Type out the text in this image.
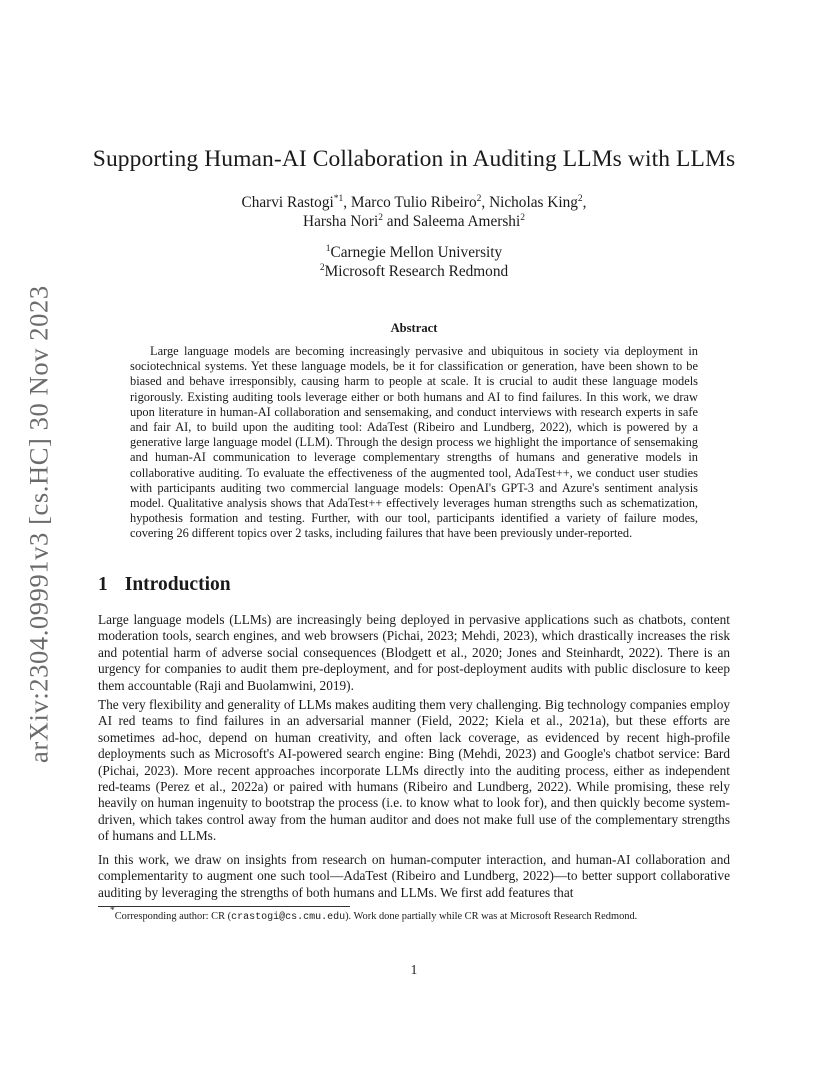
arXiv:2304.09991v3 [cs.HC] 30 Nov 2023
Supporting Human-AI Collaboration in Auditing LLMs with LLMs
Charvi Rastogi$^{*1}$, Marco Tulio Ribeiro$^2$, Nicholas King$^2$,
Harsha Nori$^2$ and Saleema Amershi$^2$
$^1$Carnegie Mellon University
$^2$Microsoft Research Redmond
Abstract

Large language models are becoming increasingly pervasive and ubiquitous in society via deployment in sociotechnical systems. Yet these language models, be it for classification or generation, have been shown to be biased and behave irresponsibly, causing harm to people at scale. It is crucial to audit these language models rigorously. Existing auditing tools leverage either or both humans and AI to find failures. In this work, we draw upon literature in human-AI collaboration and sensemaking, and conduct interviews with research experts in safe and fair AI, to build upon the auditing tool: AdaTest (Ribeiro and Lundberg, 2022), which is powered by a generative large language model (LLM). Through the design process we highlight the importance of sensemaking and human-AI communication to leverage complementary strengths of humans and generative models in collaborative auditing. To evaluate the effectiveness of the augmented tool, AdaTest++, we conduct user studies with participants auditing two commercial language models: OpenAI's GPT-3 and Azure's sentiment analysis model. Qualitative analysis shows that AdaTest++ effectively leverages human strengths such as schematization, hypothesis formation and testing. Further, with our tool, participants identified a variety of failure modes, covering 26 different topics over 2 tasks, including failures that have been previously under-reported.

1 Introduction

Large language models (LLMs) are increasingly being deployed in pervasive applications such as chatbots, content moderation tools, search engines, and web browsers (Pichai, 2023; Mehdi, 2023), which drastically increases the risk and potential harm of adverse social consequences (Blodgett et al., 2020; Jones and Steinhardt, 2022). There is an urgency for companies to audit them pre-deployment, and for post-deployment audits with public disclosure to keep them accountable (Raji and Buolamwini, 2019).

The very flexibility and generality of LLMs makes auditing them very challenging. Big technology companies employ AI red teams to find failures in an adversarial manner (Field, 2022; Kiela et al., 2021a), but these efforts are sometimes ad-hoc, depend on human creativity, and often lack coverage, as evidenced by recent high-profile deployments such as Microsoft's AI-powered search engine: Bing (Mehdi, 2023) and Google's chatbot service: Bard (Pichai, 2023). More recent approaches incorporate LLMs directly into the auditing process, either as independent red-teams (Perez et al., 2022a) or paired with humans (Ribeiro and Lundberg, 2022). While promising, these rely heavily on human ingenuity to bootstrap the process (i.e. to know what to look for), and then quickly become system-driven, which takes control away from the human auditor and does not make full use of the complementary strengths of humans and LLMs.

In this work, we draw on insights from research on human-computer interaction, and human-AI collaboration and complementarity to augment one such tool—AdaTest (Ribeiro and Lundberg, 2022)—to better support collaborative auditing by leveraging the strengths of both humans and LLMs. We first add features that

*Corresponding author: CR (crastogi@cs.cmu.edu). Work done partially while CR was at Microsoft Research Redmond.
1
